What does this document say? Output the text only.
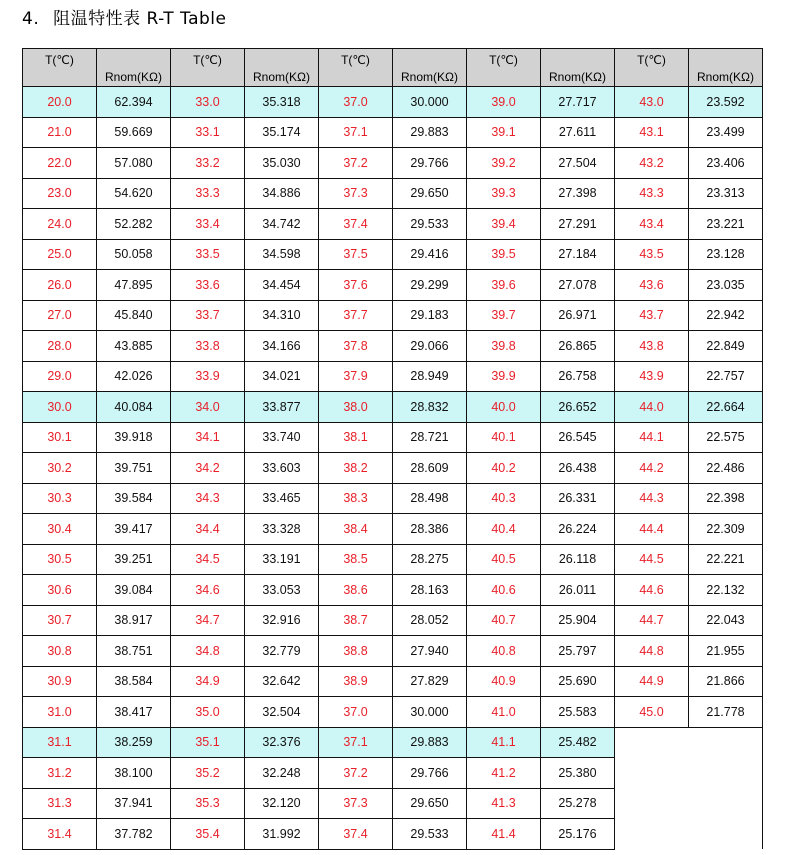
4. 阻温特性表 R-T Table
T(℃)	Rnom(KΩ)	T(℃)	Rnom(KΩ)	T(℃)	Rnom(KΩ)	T(℃)	Rnom(KΩ)	T(℃)	Rnom(KΩ)
20.0	62.394	33.0	35.318	37.0	30.000	39.0	27.717	43.0	23.592
21.0	59.669	33.1	35.174	37.1	29.883	39.1	27.611	43.1	23.499
22.0	57.080	33.2	35.030	37.2	29.766	39.2	27.504	43.2	23.406
23.0	54.620	33.3	34.886	37.3	29.650	39.3	27.398	43.3	23.313
24.0	52.282	33.4	34.742	37.4	29.533	39.4	27.291	43.4	23.221
25.0	50.058	33.5	34.598	37.5	29.416	39.5	27.184	43.5	23.128
26.0	47.895	33.6	34.454	37.6	29.299	39.6	27.078	43.6	23.035
27.0	45.840	33.7	34.310	37.7	29.183	39.7	26.971	43.7	22.942
28.0	43.885	33.8	34.166	37.8	29.066	39.8	26.865	43.8	22.849
29.0	42.026	33.9	34.021	37.9	28.949	39.9	26.758	43.9	22.757
30.0	40.084	34.0	33.877	38.0	28.832	40.0	26.652	44.0	22.664
30.1	39.918	34.1	33.740	38.1	28.721	40.1	26.545	44.1	22.575
30.2	39.751	34.2	33.603	38.2	28.609	40.2	26.438	44.2	22.486
30.3	39.584	34.3	33.465	38.3	28.498	40.3	26.331	44.3	22.398
30.4	39.417	34.4	33.328	38.4	28.386	40.4	26.224	44.4	22.309
30.5	39.251	34.5	33.191	38.5	28.275	40.5	26.118	44.5	22.221
30.6	39.084	34.6	33.053	38.6	28.163	40.6	26.011	44.6	22.132
30.7	38.917	34.7	32.916	38.7	28.052	40.7	25.904	44.7	22.043
30.8	38.751	34.8	32.779	38.8	27.940	40.8	25.797	44.8	21.955
30.9	38.584	34.9	32.642	38.9	27.829	40.9	25.690	44.9	21.866
31.0	38.417	35.0	32.504	37.0	30.000	41.0	25.583	45.0	21.778
31.1	38.259	35.1	32.376	37.1	29.883	41.1	25.482		
31.2	38.100	35.2	32.248	37.2	29.766	41.2	25.380		
31.3	37.941	35.3	32.120	37.3	29.650	41.3	25.278		
31.4	37.782	35.4	31.992	37.4	29.533	41.4	25.176		
